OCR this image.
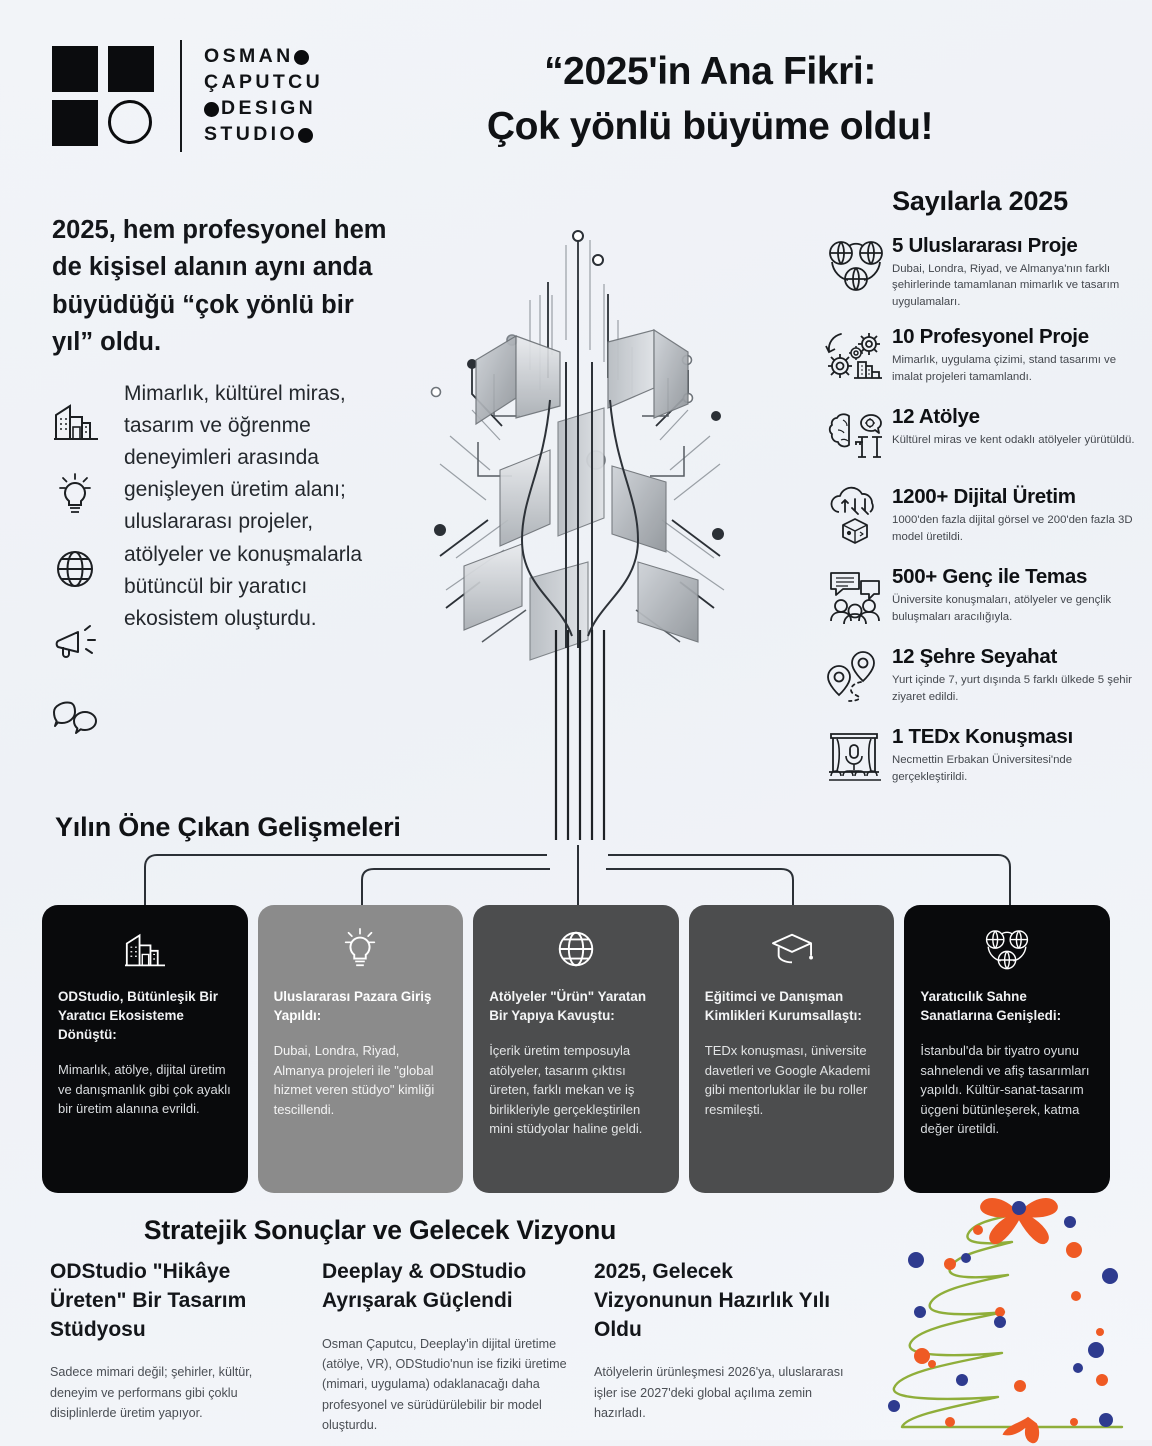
OSMAN
ÇAPUTCU
DESIGN
STUDIO
“2025'in Ana Fikri:
Çok yönlü büyüme oldu!
2025, hem profesyonel hem de kişisel alanın aynı anda büyüdüğü “çok yönlü bir yıl” oldu.
Mimarlık, kültürel miras, tasarım ve öğrenme deneyimleri arasında genişleyen üretim alanı; uluslararası projeler, atölyeler ve konuşmalarla bütüncül bir yaratıcı ekosistem oluşturdu.
Sayılarla 2025
5 Uluslararası Proje
Dubai, Londra, Riyad, ve Almanya'nın farklı şehirlerinde tamamlanan mimarlık ve tasarım uygulamaları.
10 Profesyonel Proje
Mimarlık, uygulama çizimi, stand tasarımı ve imalat projeleri tamamlandı.
12 Atölye
Kültürel miras ve kent odaklı atölyeler yürütüldü.
1200+ Dijital Üretim
1000'den fazla dijital görsel ve 200'den fazla 3D model üretildi.
500+ Genç ile Temas
Üniversite konuşmaları, atölyeler ve gençlik buluşmaları aracılığıyla.
12 Şehre Seyahat
Yurt içinde 7, yurt dışında 5 farklı ülkede 5 şehir ziyaret edildi.
1 TEDx Konuşması
Necmettin Erbakan Üniversitesi'nde gerçekleştirildi.
Yılın Öne Çıkan Gelişmeleri
ODStudio, Bütünleşik Bir Yaratıcı Ekosisteme Dönüştü:
Mimarlık, atölye, dijital üretim ve danışmanlık gibi çok ayaklı bir üretim alanına evrildi.
Uluslararası Pazara Giriş Yapıldı:
Dubai, Londra, Riyad, Almanya projeleri ile "global hizmet veren stüdyo" kimliği tescillendi.
Atölyeler "Ürün" Yaratan Bir Yapıya Kavuştu:
İçerik üretim temposuyla atölyeler, tasarım çıktısı üreten, farklı mekan ve iş birlikleriyle gerçekleştirilen mini stüdyolar haline geldi.
Eğitimci ve Danışman Kimlikleri Kurumsallaştı:
TEDx konuşması, üniversite davetleri ve Google Akademi gibi mentorluklar ile bu roller resmileşti.
Yaratıcılık Sahne Sanatlarına Genişledi:
İstanbul'da bir tiyatro oyunu sahnelendi ve afiş tasarımları yapıldı. Kültür-sanat-tasarım üçgeni bütünleşerek, katma değer üretildi.
Stratejik Sonuçlar ve Gelecek Vizyonu
ODStudio "Hikâye Üreten" Bir Tasarım Stüdyosu
Sadece mimari değil; şehirler, kültür, deneyim ve performans gibi çoklu disiplinlerde üretim yapıyor.
Deeplay & ODStudio Ayrışarak Güçlendi
Osman Çaputcu, Deeplay'in dijital üretime (atölye, VR), ODStudio'nun ise fiziki üretime (mimari, uygulama) odaklanacağı daha profesyonel ve sürüdürülebilir bir model oluşturdu.
2025, Gelecek Vizyonunun Hazırlık Yılı Oldu
Atölyelerin ürünleşmesi 2026'ya, uluslararası işler ise 2027'deki global açılıma zemin hazırladı.
